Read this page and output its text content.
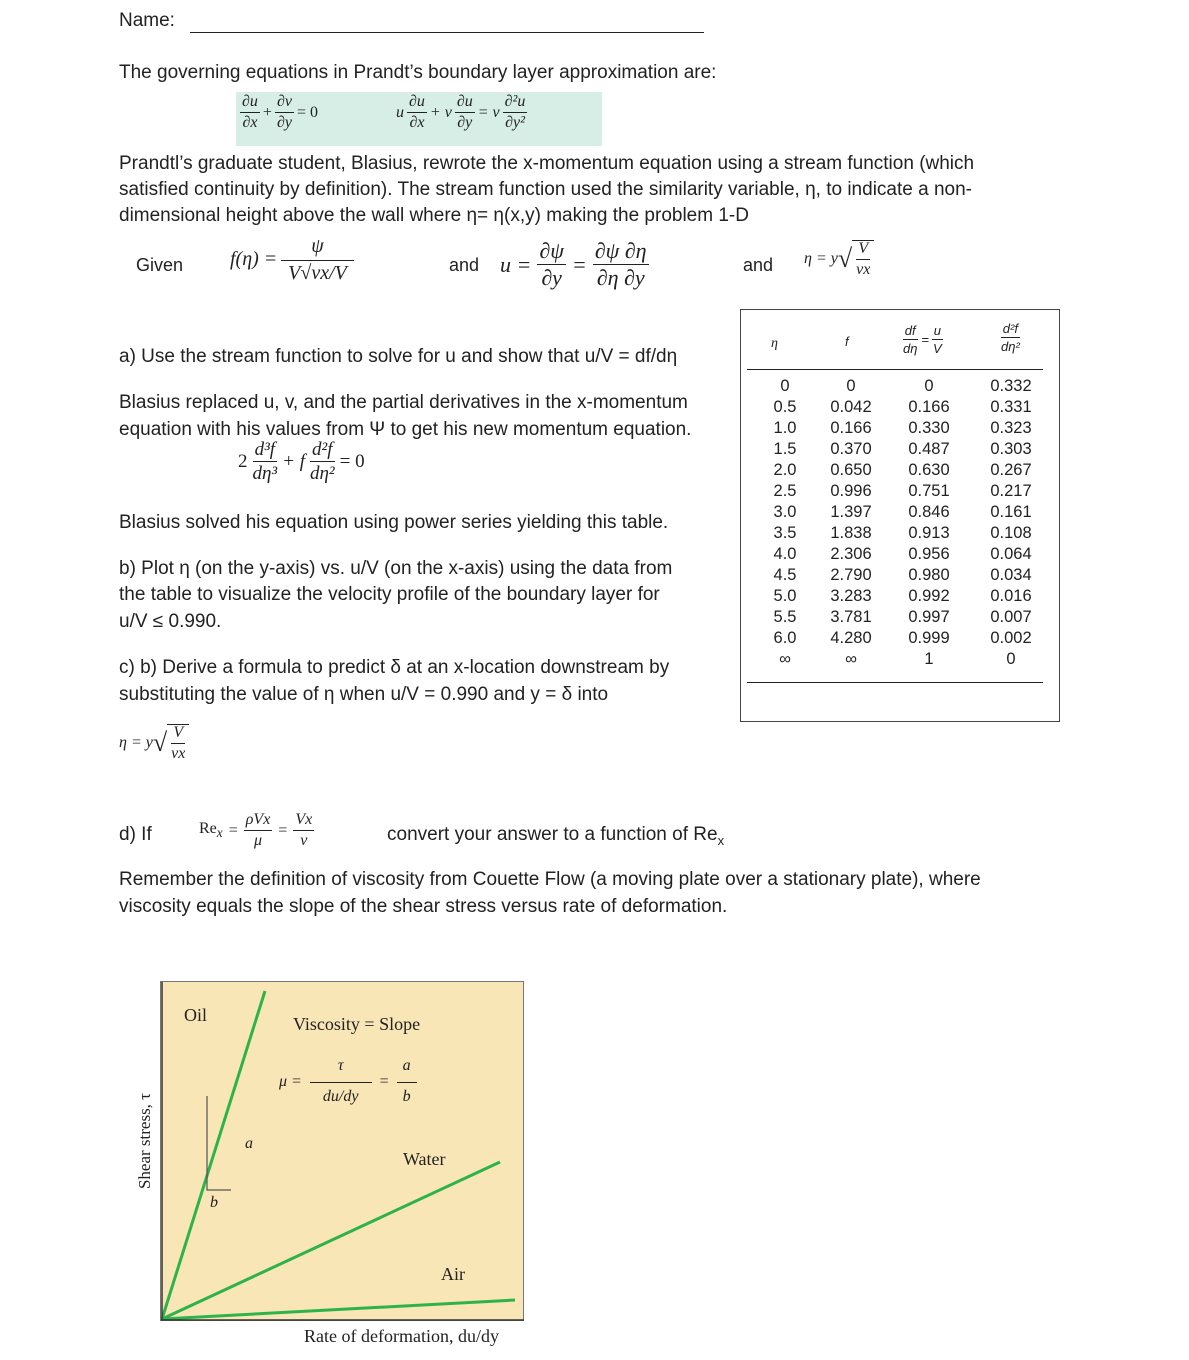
Name:
The governing equations in Prandt’s boundary layer approximation are:
$\frac{\partial u}{\partial x} + \frac{\partial v}{\partial y} = 0$	u $\frac{\partial u}{\partial x} + v \frac{\partial u}{\partial y} = \nu \frac{\text{∂²u}}{\text{∂y²}}$
Prandtl’s graduate student, Blasius, rewrote the x-momentum equation using a stream function (which
satisfied continuity by definition). The stream function used the similarity variable, η, to indicate a non-
dimensional height above the wall where η= η(x,y) making the problem 1-D
Given $f(\eta) = \frac{\psi}{V√\nu x/V}$	and $u = \frac{\partial\psi}{\partial y} = \frac{\partial\psi \partial\eta}{\partial\eta \partial y}$	and η = y √ $\frac{V}{\nu x}$
a) Use the stream function to solve for u and show that u/V = df/dη
Blasius replaced u, v, and the partial derivatives in the x-momentum
equation with his values from Ψ to get his new momentum equation.
$2 \frac{\text{d³f}}{\text{dη³}} + f \frac{\text{d²f}}{\text{dη²}} = 0$
Blasius solved his equation using power series yielding this table.
b) Plot η (on the y-axis) vs. u/V (on the x-axis) using the data from
the table to visualize the velocity profile of the boundary layer for
u/V ≤ 0.990.
c) b) Derive a formula to predict δ at an x-location downstream by
substituting the value of η when u/V = 0.990 and y = δ into
η = y √ $\frac{V}{\nu x}$
d) If	$Re_x = \frac{\text{ρVx}}{\mu} = \frac{Vx}{\nu}$	convert your answer to a function of $Re_x$
Remember the definition of viscosity from Couette Flow (a moving plate over a stationary plate), where
viscosity equals the slope of the shear stress versus rate of deformation.
η	f	$\frac{df}{d\eta} = \frac{u}{V}$	$\frac{\text{d²f}}{\text{dη²}}$
0	0	0	0.332
0.5	0.042	0.166	0.331
1.0	0.166	0.330	0.323
1.5	0.370	0.487	0.303
2.0	0.650	0.630	0.267
2.5	0.996	0.751	0.217
3.0	1.397	0.846	0.161
3.5	1.838	0.913	0.108
4.0	2.306	0.956	0.064
4.5	2.790	0.980	0.034
5.0	3.283	0.992	0.016
5.5	3.781	0.997	0.007
6.0	4.280	0.999	0.002
∞	∞	1	0
Oil	Viscosity = Slope
$\mu = \frac{\tau}{du/dy} = \frac{a}{b}$
a
b
Water
Air
Shear stress, τ
Rate of deformation, du/dy
